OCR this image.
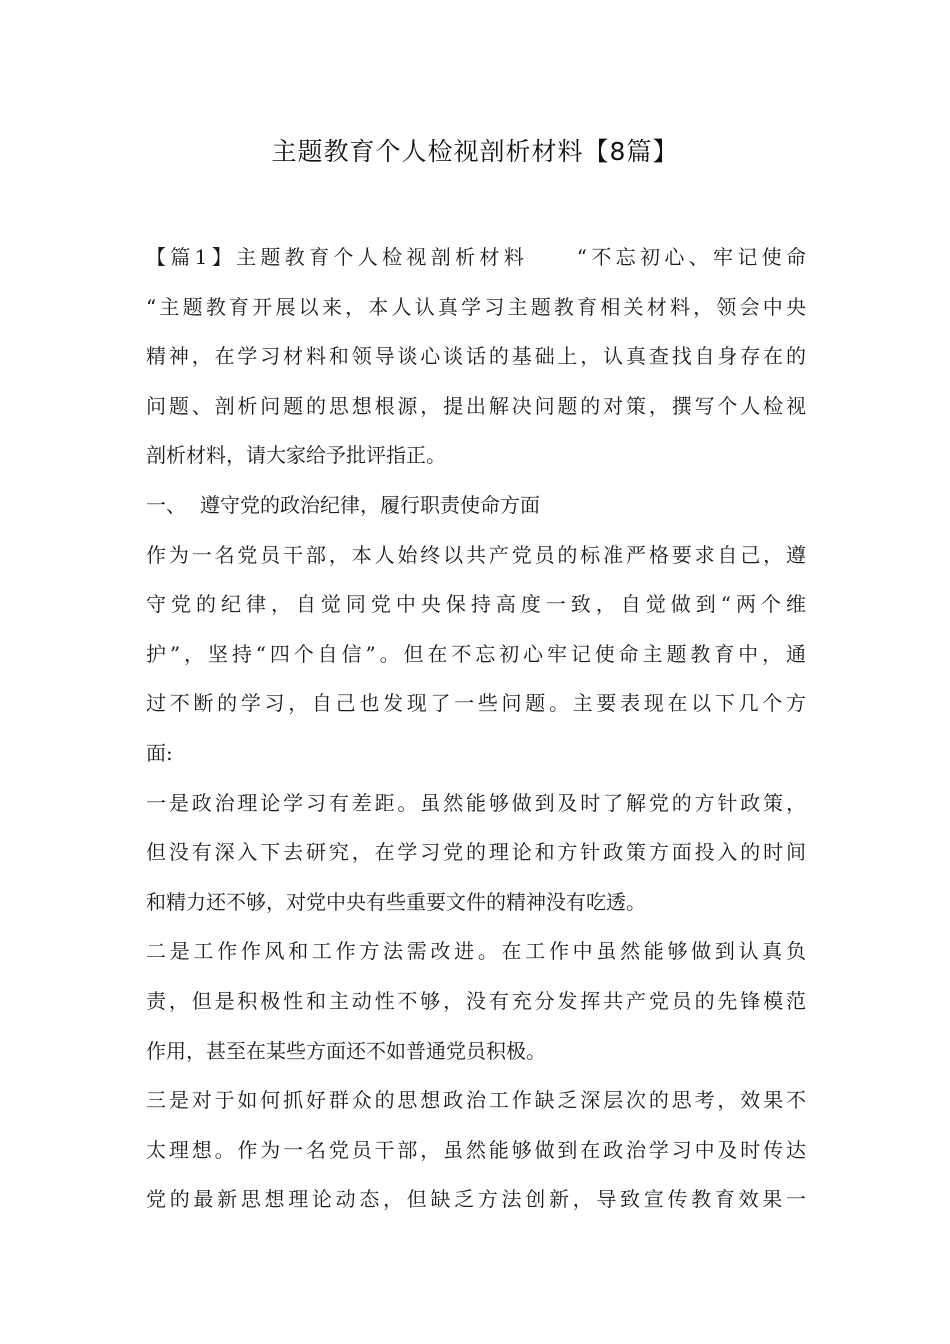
主题教育个人检视剖析材料【8篇】
【篇1】主题教育个人检视剖析材料　　“不忘初心、牢记使命
“主题教育开展以来，本人认真学习主题教育相关材料，领会中央
精神，在学习材料和领导谈心谈话的基础上，认真查找自身存在的
问题、剖析问题的思想根源，提出解决问题的对策，撰写个人检视
剖析材料，请大家给予批评指正。
一、 遵守党的政治纪律，履行职责使命方面
作为一名党员干部，本人始终以共产党员的标准严格要求自己，遵
守党的纪律，自觉同党中央保持高度一致，自觉做到“两个维
护”，坚持“四个自信”。但在不忘初心牢记使命主题教育中，通
过不断的学习，自己也发现了一些问题。主要表现在以下几个方
面:
一是政治理论学习有差距。虽然能够做到及时了解党的方针政策，
但没有深入下去研究，在学习党的理论和方针政策方面投入的时间
和精力还不够，对党中央有些重要文件的精神没有吃透。
二是工作作风和工作方法需改进。在工作中虽然能够做到认真负
责，但是积极性和主动性不够，没有充分发挥共产党员的先锋模范
作用，甚至在某些方面还不如普通党员积极。
三是对于如何抓好群众的思想政治工作缺乏深层次的思考，效果不
太理想。作为一名党员干部，虽然能够做到在政治学习中及时传达
党的最新思想理论动态，但缺乏方法创新，导致宣传教育效果一
